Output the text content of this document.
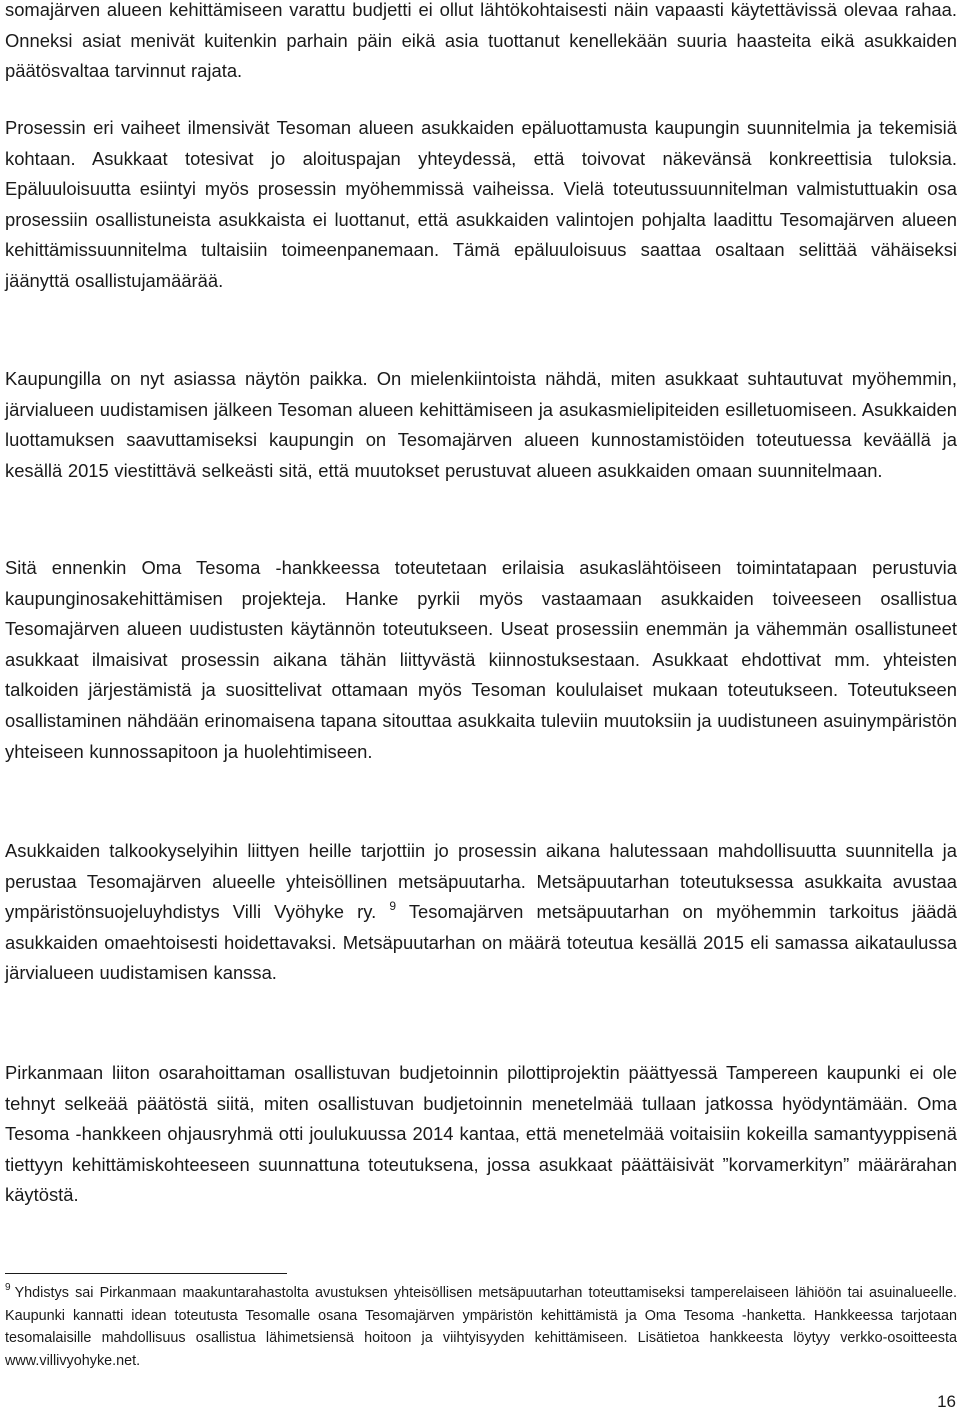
somajärven alueen kehittämiseen varattu budjetti ei ollut lähtökohtaisesti näin vapaasti käytettävissä olevaa rahaa. Onneksi asiat menivät kuitenkin parhain päin eikä asia tuottanut kenellekään suuria haasteita eikä asukkaiden päätösvaltaa tarvinnut rajata.

Prosessin eri vaiheet ilmensivät Tesoman alueen asukkaiden epäluottamusta kaupungin suunnitelmia ja tekemisiä kohtaan. Asukkaat totesivat jo aloituspajan yhteydessä, että toivovat näkevänsä konkreettisia tuloksia. Epäluuloisuutta esiintyi myös prosessin myöhemmissä vaiheissa. Vielä toteutussuunnitelman valmistuttuakin osa prosessiin osallistuneista asukkaista ei luottanut, että asukkaiden valintojen pohjalta laadittu Tesomajärven alueen kehittämissuunnitelma tultaisiin toimeenpanemaan. Tämä epäluuloisuus saattaa osaltaan selittää vähäiseksi jäänyttä osallistujamäärää.

Kaupungilla on nyt asiassa näytön paikka. On mielenkiintoista nähdä, miten asukkaat suhtautuvat myöhemmin, järvialueen uudistamisen jälkeen Tesoman alueen kehittämiseen ja asukasmielipiteiden esilletuomiseen. Asukkaiden luottamuksen saavuttamiseksi kaupungin on Tesomajärven alueen kunnostamistöiden toteutuessa keväällä ja kesällä 2015 viestittävä selkeästi sitä, että muutokset perustuvat alueen asukkaiden omaan suunnitelmaan.

Sitä ennenkin Oma Tesoma -hankkeessa toteutetaan erilaisia asukaslähtöiseen toimintatapaan perustuvia kaupunginosakehittämisen projekteja. Hanke pyrkii myös vastaamaan asukkaiden toiveeseen osallistua Tesomajärven alueen uudistusten käytännön toteutukseen. Useat prosessiin enemmän ja vähemmän osallistuneet asukkaat ilmaisivat prosessin aikana tähän liittyvästä kiinnostuksestaan. Asukkaat ehdottivat mm. yhteisten talkoiden järjestämistä ja suosittelivat ottamaan myös Tesoman koululaiset mukaan toteutukseen. Toteutukseen osallistaminen nähdään erinomaisena tapana sitouttaa asukkaita tuleviin muutoksiin ja uudistuneen asuinympäristön yhteiseen kunnossapitoon ja huolehtimiseen.

Asukkaiden talkookyselyihin liittyen heille tarjottiin jo prosessin aikana halutessaan mahdollisuutta suunnitella ja perustaa Tesomajärven alueelle yhteisöllinen metsäpuutarha. Metsäpuutarhan toteutuksessa asukkaita avustaa ympäristönsuojeluyhdistys Villi Vyöhyke ry. $^9$ Tesomajärven metsäpuutarhan on myöhemmin tarkoitus jäädä asukkaiden omaehtoisesti hoidettavaksi. Metsäpuutarhan on määrä toteutua kesällä 2015 eli samassa aikataulussa järvialueen uudistamisen kanssa.

Pirkanmaan liiton osarahoittaman osallistuvan budjetoinnin pilottiprojektin päättyessä Tampereen kaupunki ei ole tehnyt selkeää päätöstä siitä, miten osallistuvan budjetoinnin menetelmää tullaan jatkossa hyödyntämään. Oma Tesoma -hankkeen ohjausryhmä otti joulukuussa 2014 kantaa, että menetelmää voitaisiin kokeilla samantyyppisenä tiettyyn kehittämiskohteeseen suunnattuna toteutuksena, jossa asukkaat päättäisivät ”korvamerkityn” määrärahan käytöstä.

$^9$ Yhdistys sai Pirkanmaan maakuntarahastolta avustuksen yhteisöllisen metsäpuutarhan toteuttamiseksi tamperelaiseen lähiöön tai asuinalueelle. Kaupunki kannatti idean toteutusta Tesomalle osana Tesomajärven ympäristön kehittämistä ja Oma Tesoma -hanketta. Hankkeessa tarjotaan tesomalaisille mahdollisuus osallistua lähimetsiensä hoitoon ja viihtyisyyden kehittämiseen. Lisätietoa hankkeesta löytyy verkko-osoitteesta www.villivyohyke.net.

16
